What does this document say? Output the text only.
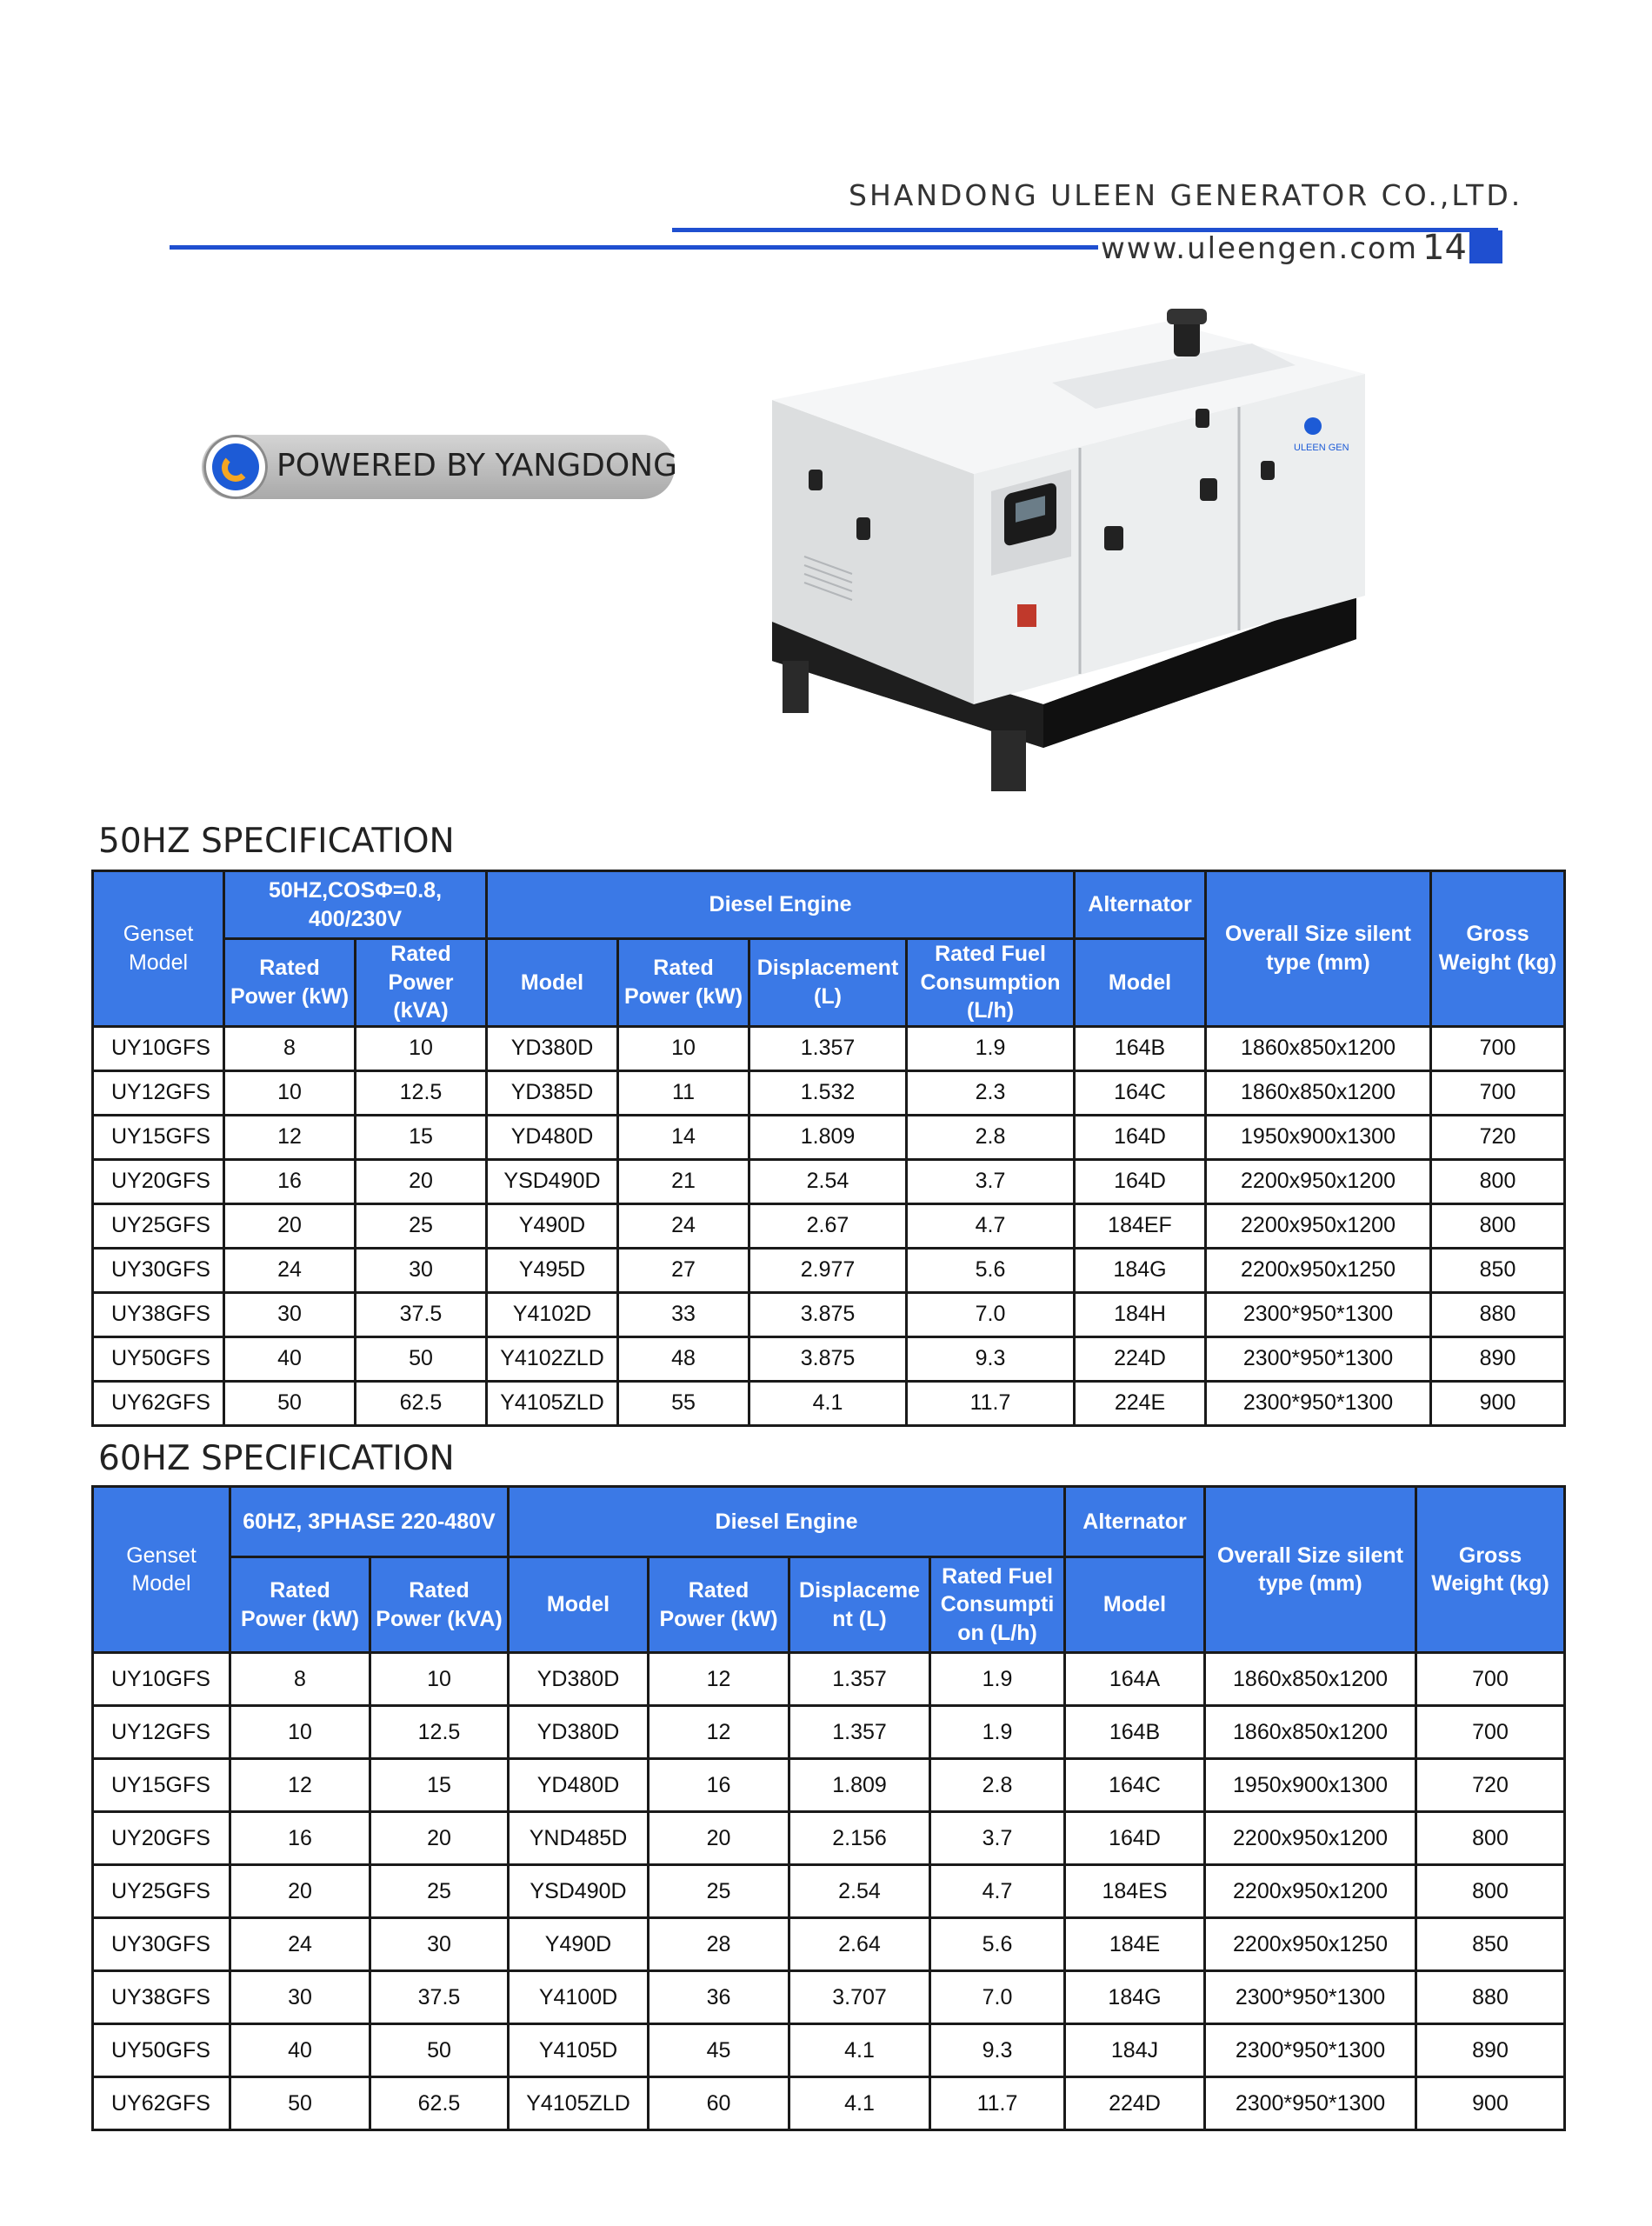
SHANDONG ULEEN GENERATOR CO.,LTD.
www.uleengen.com 14
POWERED BY YANGDONG	ULEEN GEN
50HZ SPECIFICATION
Genset Model	50HZ,COSΦ=0.8, 400/230V		Diesel Engine				Alternator	Overall Size silent type (mm)	Gross Weight (kg)
	Rated Power (kW)	Rated Power (kVA)	Model	Rated Power (kW)	Displacement (L)	Rated Fuel Consumption (L/h)	Model		
UY10GFS	8	10	YD380D	10	1.357	1.9	164B	1860x850x1200	700
UY12GFS	10	12.5	YD385D	11	1.532	2.3	164C	1860x850x1200	700
UY15GFS	12	15	YD480D	14	1.809	2.8	164D	1950x900x1300	720
UY20GFS	16	20	YSD490D	21	2.54	3.7	164D	2200x950x1200	800
UY25GFS	20	25	Y490D	24	2.67	4.7	184EF	2200x950x1200	800
UY30GFS	24	30	Y495D	27	2.977	5.6	184G	2200x950x1250	850
UY38GFS	30	37.5	Y4102D	33	3.875	7.0	184H	2300*950*1300	880
UY50GFS	40	50	Y4102ZLD	48	3.875	9.3	224D	2300*950*1300	890
UY62GFS	50	62.5	Y4105ZLD	55	4.1	11.7	224E	2300*950*1300	900
60HZ SPECIFICATION
Genset Model	60HZ, 3PHASE 220-480V		Diesel Engine				Alternator	Overall Size silent type (mm)	Gross Weight (kg)
	Rated Power (kW)	Rated Power (kVA)	Model	Rated Power (kW)	Displaceme nt (L)	Rated Fuel Consumpti on (L/h)	Model		
UY10GFS	8	10	YD380D	12	1.357	1.9	164A	1860x850x1200	700
UY12GFS	10	12.5	YD380D	12	1.357	1.9	164B	1860x850x1200	700
UY15GFS	12	15	YD480D	16	1.809	2.8	164C	1950x900x1300	720
UY20GFS	16	20	YND485D	20	2.156	3.7	164D	2200x950x1200	800
UY25GFS	20	25	YSD490D	25	2.54	4.7	184ES	2200x950x1200	800
UY30GFS	24	30	Y490D	28	2.64	5.6	184E	2200x950x1250	850
UY38GFS	30	37.5	Y4100D	36	3.707	7.0	184G	2300*950*1300	880
UY50GFS	40	50	Y4105D	45	4.1	9.3	184J	2300*950*1300	890
UY62GFS	50	62.5	Y4105ZLD	60	4.1	11.7	224D	2300*950*1300	900
